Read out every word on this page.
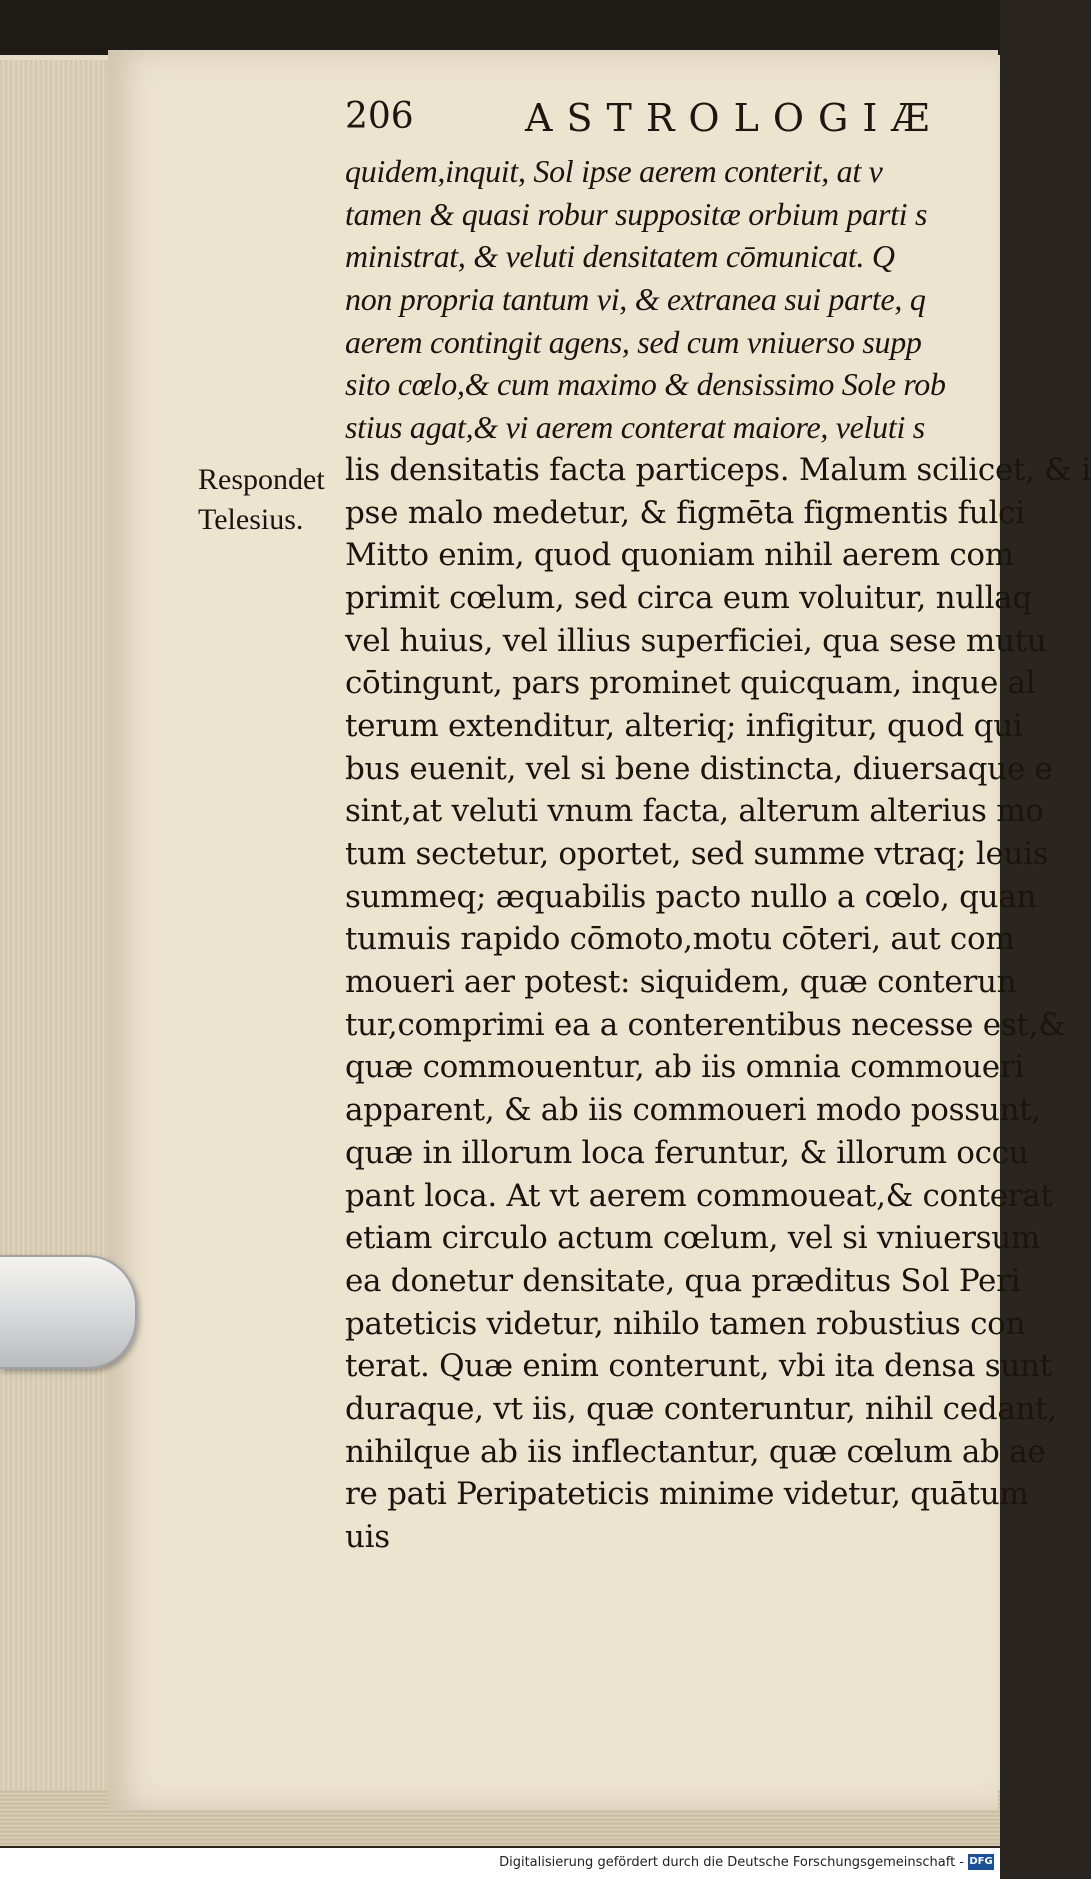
206	ASTROLOGIÆ
Respondet
Telesius.
quidem,inquit, Sol ipse aerem conterit, at v
tamen & quasi robur suppositæ orbium parti s
ministrat, & veluti densitatem cōmunicat. Q
non propria tantum vi, & extranea sui parte, q
aerem contingit agens, sed cum vniuerso supp
sito cœlo,& cum maximo & densissimo Sole rob
stius agat,& vi aerem conterat maiore, veluti s
lis densitatis facta particeps. Malum scilicet, & i
pse malo medetur, & figmēta figmentis fulci
Mitto enim, quod quoniam nihil aerem com
primit cœlum, sed circa eum voluitur, nullaq
vel huius, vel illius superficiei, qua sese mutu
cōtingunt, pars prominet quicquam, inque al
terum extenditur, alteriq; infigitur, quod qui
bus euenit, vel si bene distincta, diuersaque e
sint,at veluti vnum facta, alterum alterius mo
tum sectetur, oportet, sed summe vtraq; leuis
summeq; æquabilis pacto nullo a cœlo, quan
tumuis rapido cōmoto,motu cōteri, aut com
moueri aer potest: siquidem, quæ conterun
tur,comprimi ea a conterentibus necesse est,&
quæ commouentur, ab iis omnia commoueri
apparent, & ab iis commoueri modo possunt,
quæ in illorum loca feruntur, & illorum occu
pant loca. At vt aerem commoueat,& conterat
etiam circulo actum cœlum, vel si vniuersum
ea donetur densitate, qua præditus Sol Peri
pateticis videtur, nihilo tamen robustius con
terat. Quæ enim conterunt, vbi ita densa sunt
duraque, vt iis, quæ conteruntur, nihil cedant,
nihilque ab iis inflectantur, quæ cœlum ab ae
re pati Peripateticis minime videtur, quātum
uis
Digitalisierung gefördert durch die Deutsche Forschungsgemeinschaft - DFG
